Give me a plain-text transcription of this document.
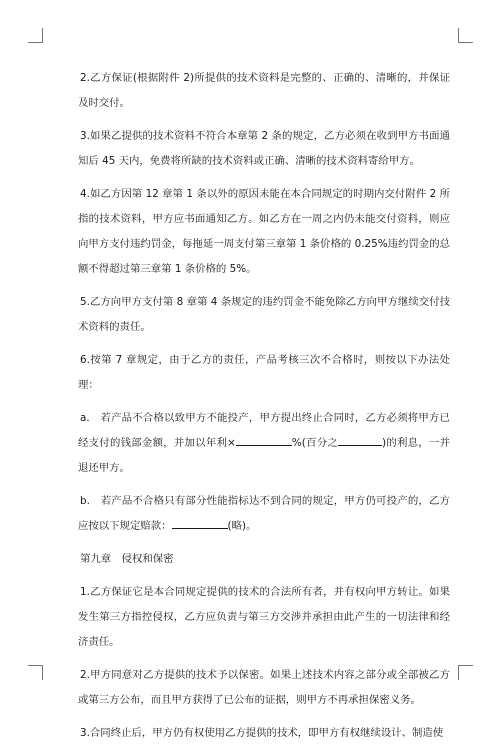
2.乙方保证(根据附件 2)所提供的技术资料是完整的、正确的、清晰的，并保证及时交付。

3.如果乙提供的技术资料不符合本章第 2 条的规定，乙方必须在收到甲方书面通知后 45 天内，免费将所缺的技术资料或正确、清晰的技术资料寄给甲方。

4.如乙方因第 12 章第 1 条以外的原因未能在本合同规定的时期内交付附件 2 所指的技术资料，甲方应书面通知乙方。如乙方在一周之内仍未能交付资料，则应向甲方支付违约罚金，每拖延一周支付第三章第 1 条价格的 0.25%违约罚金的总额不得超过第三章第 1 条价格的 5%。

5.乙方向甲方支付第 8 章第 4 条规定的违约罚金不能免除乙方向甲方继续交付技术资料的责任。

6.按第 7 章规定，由于乙方的责任，产品考核三次不合格时，则按以下办法处理：

a.　若产品不合格以致甲方不能投产，甲方提出终止合同时，乙方必须将甲方已经支付的钱部金额，并加以年利×	%(百分之	)的利息，一并退还甲方。

b.　若产品不合格只有部分性能指标达不到合同的规定，甲方仍可投产的，乙方应按以下规定赔款：	(略)。

第九章　侵权和保密

1.乙方保证它是本合同规定提供的技术的合法所有者，并有权向甲方转让。如果发生第三方指控侵权，乙方应负责与第三方交涉并承担由此产生的一切法律和经济责任。

2.甲方同意对乙方提供的技术予以保密。如果上述技术内容之部分或全部被乙方或第三方公布，而且甲方获得了已公布的证据，则甲方不再承担保密义务。

3.合同终止后，甲方仍有权使用乙方提供的技术，即甲方有权继续设计、制造使
